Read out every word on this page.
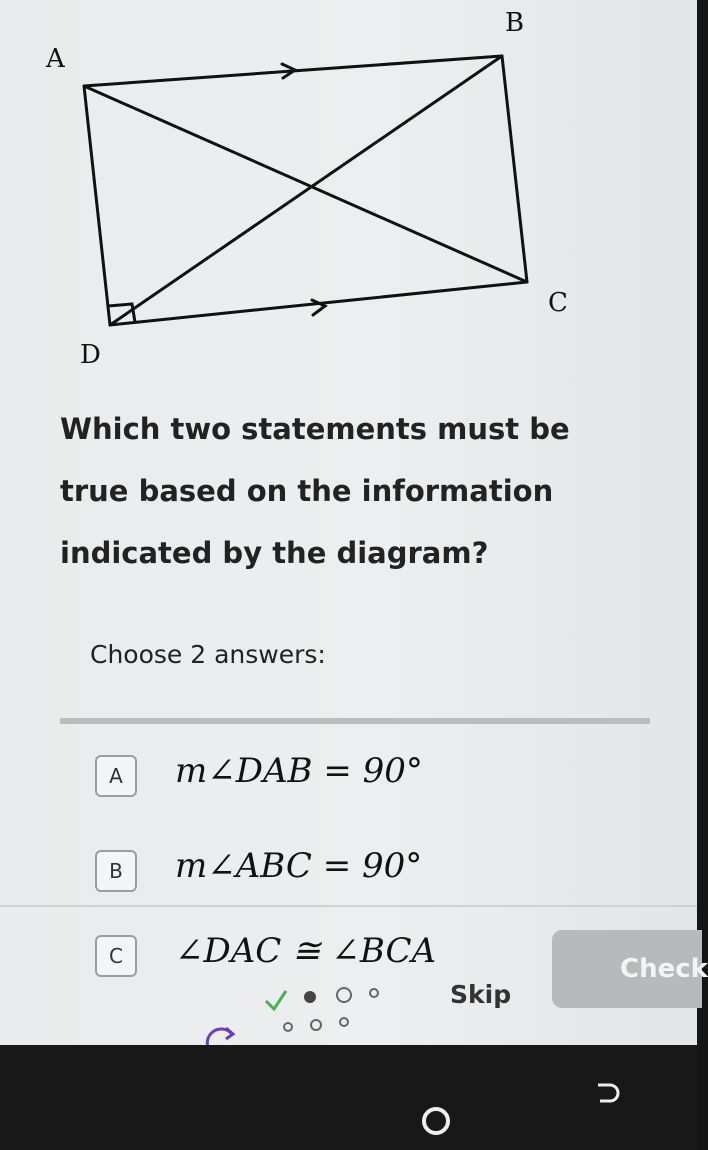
A
B
C
D

Which two statements must be true based on the information indicated by the diagram?

Choose 2 answers:
A	m∠DAB = 90°
B	m∠ABC = 90°
C	∠DAC ≅ ∠BCA
Skip
Check
